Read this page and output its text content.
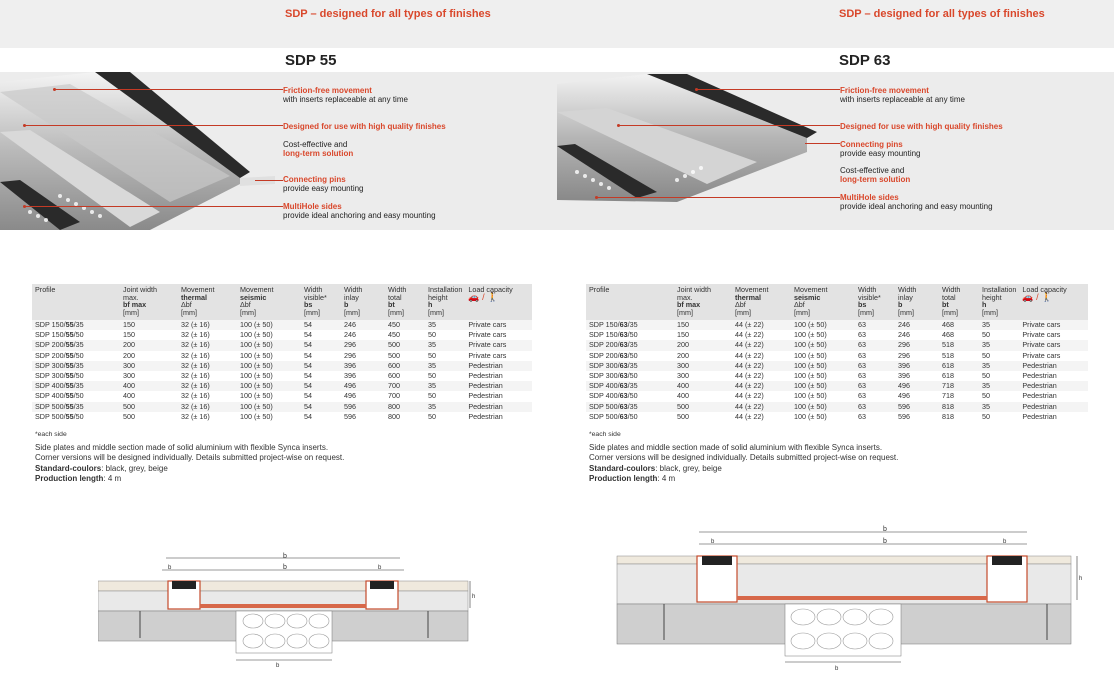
SDP – designed for all types of finishes
SDP 55
Friction-free movement
with inserts replaceable at any time
Designed for use with high quality finishes
Cost-effective and
long-term solution
Connecting pins
provide easy mounting
MultiHole sides
provide ideal anchoring and easy mounting
Profile	Joint width
max.
bf max
[mm]	Movement
thermal
Δbf
[mm]	Movement
seismic
Δbf
[mm]	Width
visible*
bs
[mm]	Width
inlay
b
[mm]	Width
total
bt
[mm]	Installation
height
h
[mm]	Load capacity
🚗 / 🚶
SDP 150/55/35	150	32 (± 16)	100 (± 50)	54	246	450	35	Private cars
SDP 150/55/50	150	32 (± 16)	100 (± 50)	54	246	450	50	Private cars
SDP 200/55/35	200	32 (± 16)	100 (± 50)	54	296	500	35	Private cars
SDP 200/55/50	200	32 (± 16)	100 (± 50)	54	296	500	50	Private cars
SDP 300/55/35	300	32 (± 16)	100 (± 50)	54	396	600	35	Pedestrian
SDP 300/55/50	300	32 (± 16)	100 (± 50)	54	396	600	50	Pedestrian
SDP 400/55/35	400	32 (± 16)	100 (± 50)	54	496	700	35	Pedestrian
SDP 400/55/50	400	32 (± 16)	100 (± 50)	54	496	700	50	Pedestrian
SDP 500/55/35	500	32 (± 16)	100 (± 50)	54	596	800	35	Pedestrian
SDP 500/55/50	500	32 (± 16)	100 (± 50)	54	596	800	50	Pedestrian
*each side
Side plates and middle section made of solid aluminium with flexible Synca inserts.
Corner versions will be designed individually. Details submitted project-wise on request.
Standard-coulors: black, grey, beige
Production length: 4 m
b
b	b
b
b
h
SDP – designed for all types of finishes
SDP 63
Friction-free movement
with inserts replaceable at any time
Designed for use with high quality finishes
Connecting pins
provide easy mounting
Cost-effective and
long-term solution
MultiHole sides
provide ideal anchoring and easy mounting
Profile	Joint width
max.
bf max
[mm]	Movement
thermal
Δbf
[mm]	Movement
seismic
Δbf
[mm]	Width
visible*
bs
[mm]	Width
inlay
b
[mm]	Width
total
bt
[mm]	Installation
height
h
[mm]	Load capacity
🚗 / 🚶
SDP 150/63/35	150	44 (± 22)	100 (± 50)	63	246	468	35	Private cars
SDP 150/63/50	150	44 (± 22)	100 (± 50)	63	246	468	50	Private cars
SDP 200/63/35	200	44 (± 22)	100 (± 50)	63	296	518	35	Private cars
SDP 200/63/50	200	44 (± 22)	100 (± 50)	63	296	518	50	Private cars
SDP 300/63/35	300	44 (± 22)	100 (± 50)	63	396	618	35	Pedestrian
SDP 300/63/50	300	44 (± 22)	100 (± 50)	63	396	618	50	Pedestrian
SDP 400/63/35	400	44 (± 22)	100 (± 50)	63	496	718	35	Pedestrian
SDP 400/63/50	400	44 (± 22)	100 (± 50)	63	496	718	50	Pedestrian
SDP 500/63/35	500	44 (± 22)	100 (± 50)	63	596	818	35	Pedestrian
SDP 500/63/50	500	44 (± 22)	100 (± 50)	63	596	818	50	Pedestrian
*each side
Side plates and middle section made of solid aluminium with flexible Synca inserts.
Corner versions will be designed individually. Details submitted project-wise on request.
Standard-coulors: black, grey, beige
Production length: 4 m
b
b	b
b
b
h
